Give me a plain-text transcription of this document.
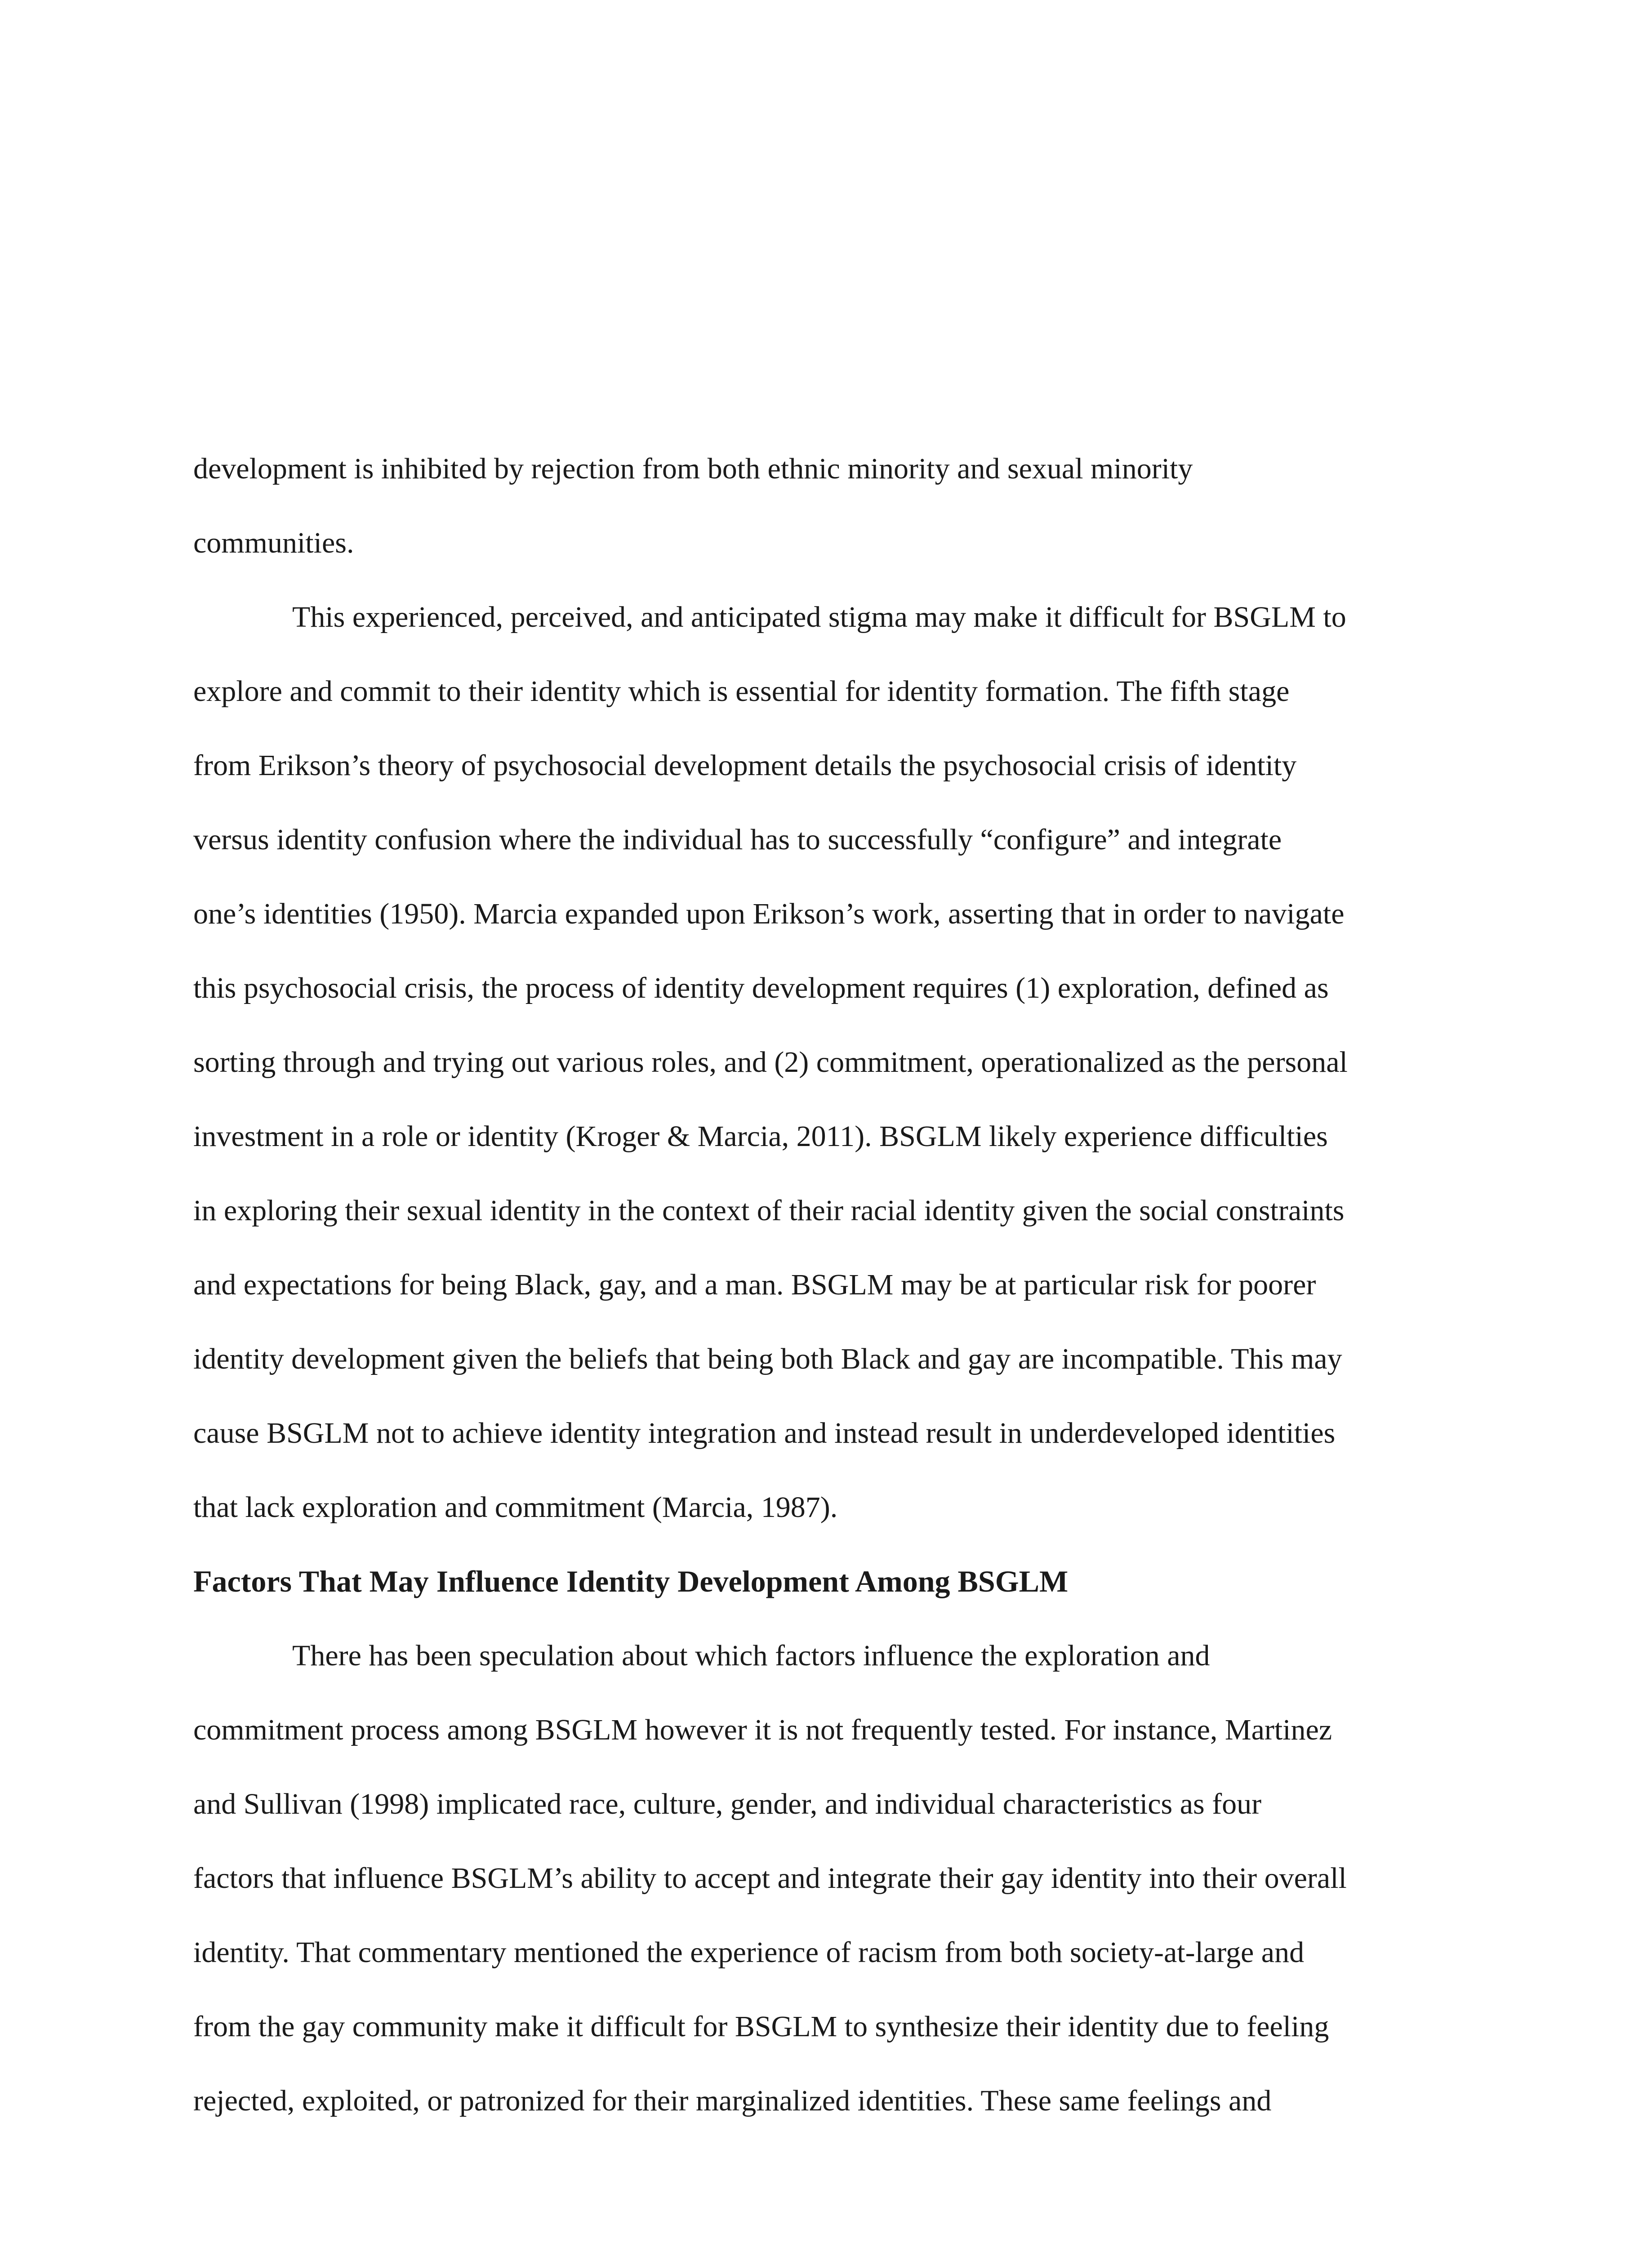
development is inhibited by rejection from both ethnic minority and sexual minority
communities.
This experienced, perceived, and anticipated stigma may make it difficult for BSGLM to
explore and commit to their identity which is essential for identity formation. The fifth stage
from Erikson’s theory of psychosocial development details the psychosocial crisis of identity
versus identity confusion where the individual has to successfully “configure” and integrate
one’s identities (1950). Marcia expanded upon Erikson’s work, asserting that in order to navigate
this psychosocial crisis, the process of identity development requires (1) exploration, defined as
sorting through and trying out various roles, and (2) commitment, operationalized as the personal
investment in a role or identity (Kroger & Marcia, 2011). BSGLM likely experience difficulties
in exploring their sexual identity in the context of their racial identity given the social constraints
and expectations for being Black, gay, and a man. BSGLM may be at particular risk for poorer
identity development given the beliefs that being both Black and gay are incompatible. This may
cause BSGLM not to achieve identity integration and instead result in underdeveloped identities
that lack exploration and commitment (Marcia, 1987).
Factors That May Influence Identity Development Among BSGLM
There has been speculation about which factors influence the exploration and
commitment process among BSGLM however it is not frequently tested. For instance, Martinez
and Sullivan (1998) implicated race, culture, gender, and individual characteristics as four
factors that influence BSGLM’s ability to accept and integrate their gay identity into their overall
identity. That commentary mentioned the experience of racism from both society-at-large and
from the gay community make it difficult for BSGLM to synthesize their identity due to feeling
rejected, exploited, or patronized for their marginalized identities. These same feelings and
